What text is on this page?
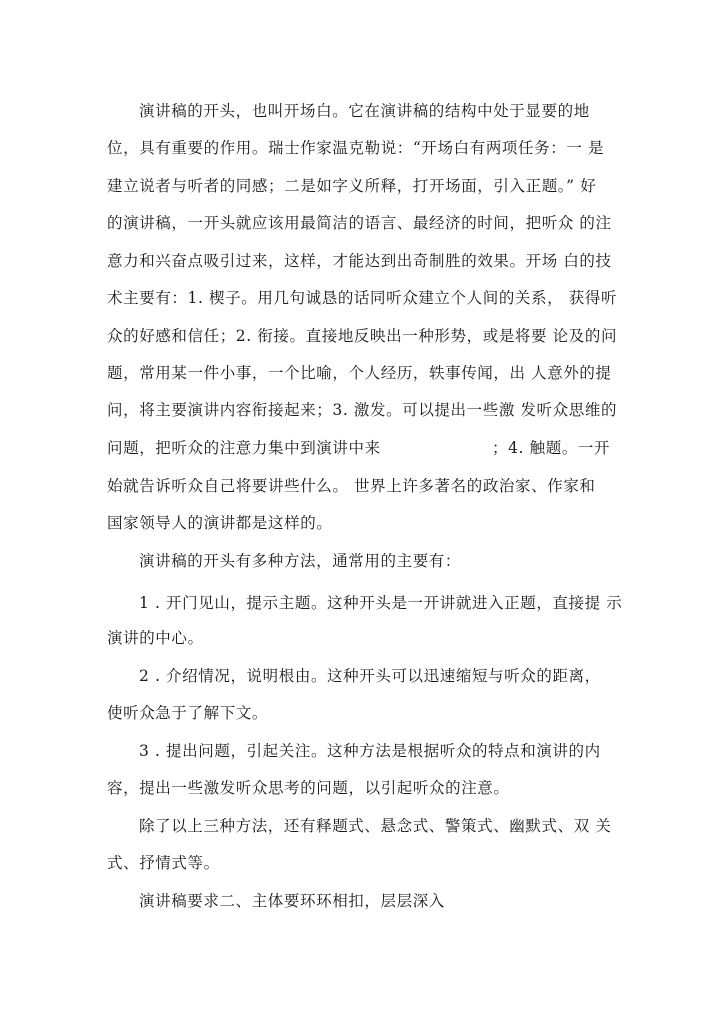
演讲稿的开头，也叫开场白。它在演讲稿的结构中处于显要的地
位，具有重要的作用。瑞士作家温克勒说：“开场白有两项任务：一 是
建立说者与听者的同感；二是如字义所释，打开场面，引入正题。” 好
的演讲稿，一开头就应该用最简洁的语言、最经济的时间，把听众 的注
意力和兴奋点吸引过来，这样，才能达到出奇制胜的效果。开场 白的技
术主要有：1. 楔子。用几句诚恳的话同听众建立个人间的关系， 获得听
众的好感和信任；2. 衔接。直接地反映出一种形势，或是将要 论及的问
题，常用某一件小事，一个比喻，个人经历，轶事传闻，出 人意外的提
问，将主要演讲内容衔接起来；3. 激发。可以提出一些激 发听众思维的
问题，把听众的注意力集中到演讲中来	；4. 触题。一开
始就告诉听众自己将要讲些什么。 世界上许多著名的政治家、作家和
国家领导人的演讲都是这样的。
演讲稿的开头有多种方法，通常用的主要有：
1 . 开门见山，提示主题。这种开头是一开讲就进入正题，直接提 示
演讲的中心。
2 . 介绍情况，说明根由。这种开头可以迅速缩短与听众的距离，
使听众急于了解下文。
3 . 提出问题，引起关注。这种方法是根据听众的特点和演讲的内
容，提出一些激发听众思考的问题，以引起听众的注意。
除了以上三种方法，还有释题式、悬念式、警策式、幽默式、双 关
式、抒情式等。
演讲稿要求二、主体要环环相扣，层层深入
